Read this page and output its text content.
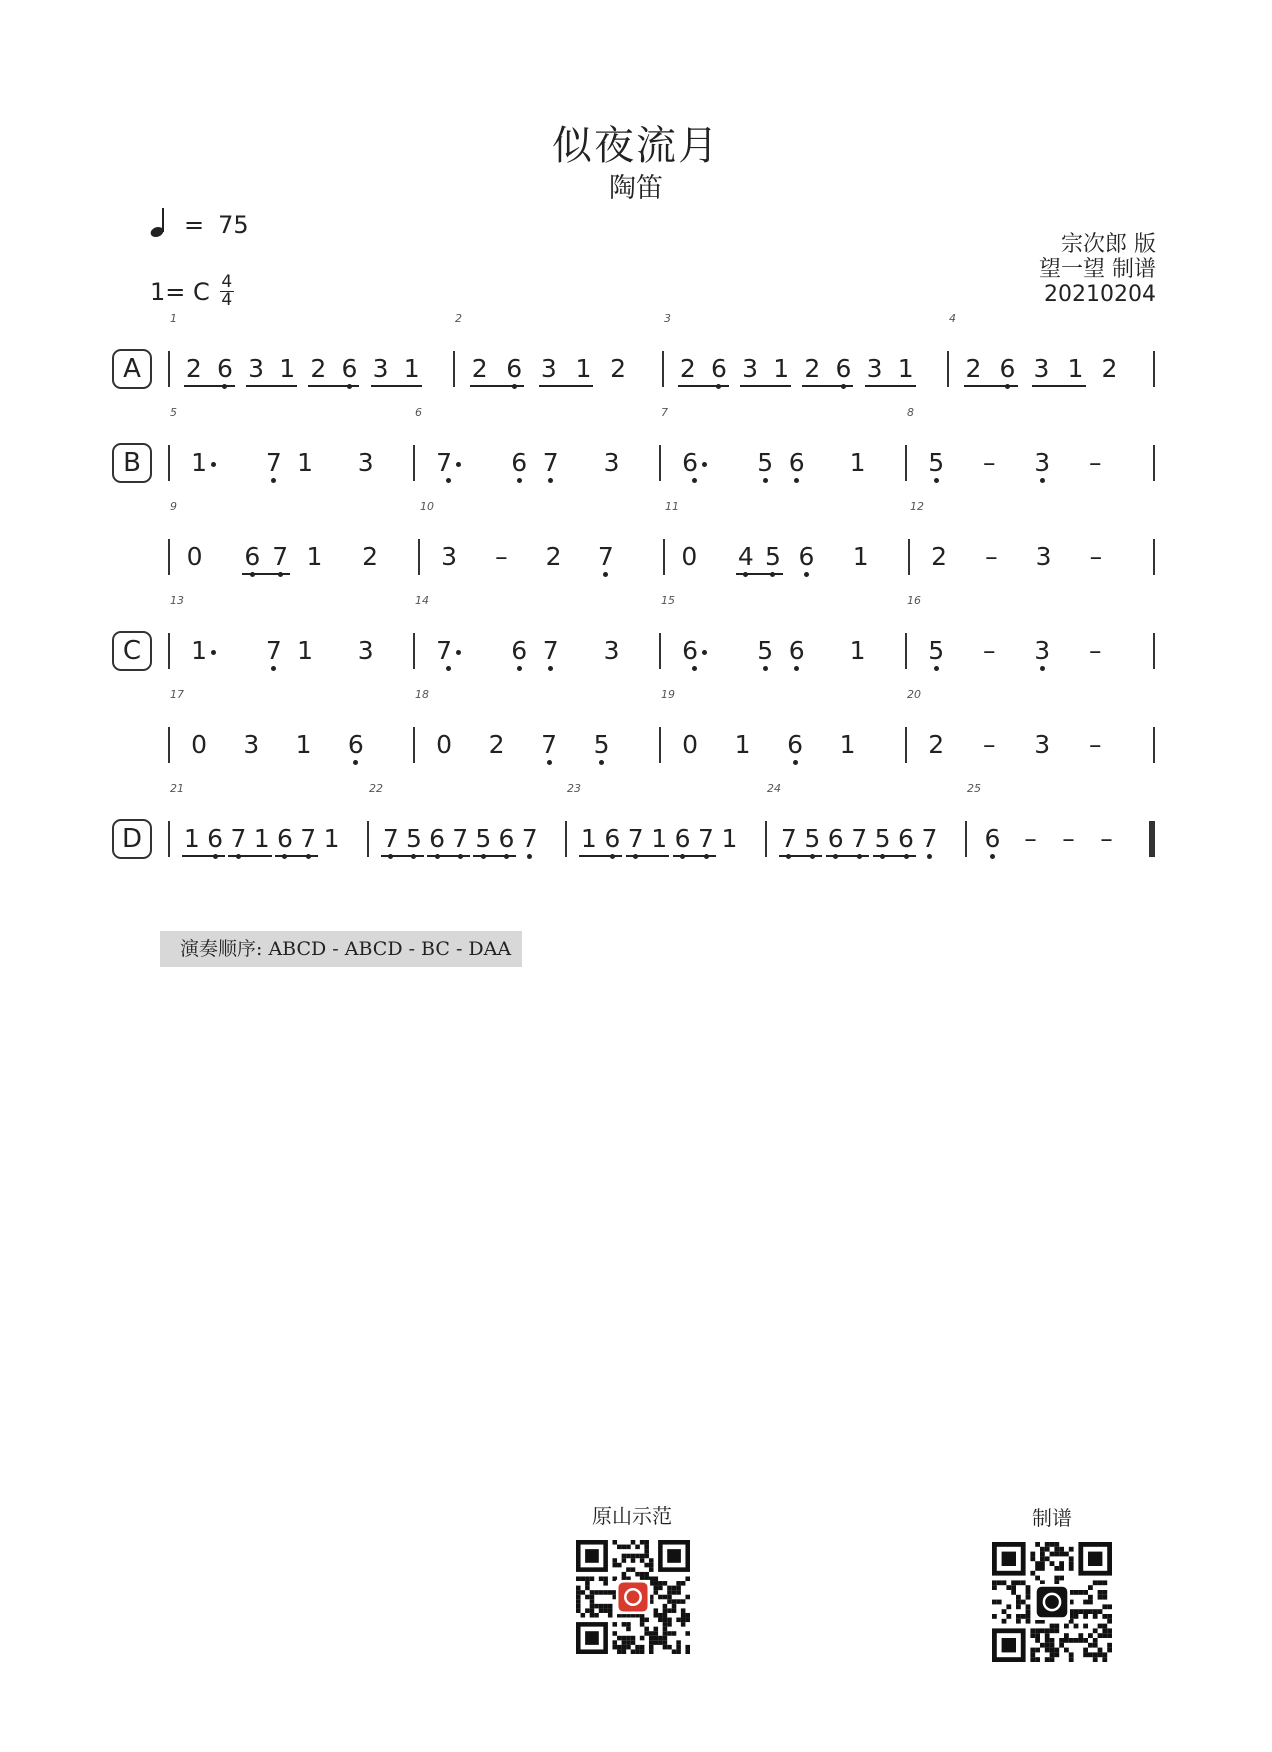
似夜流月
陶笛
= 75
1= C $\frac{4}{4}$
宗次郎 版
望一望 制谱
20210204
A
1
2 6 3 1 2 6 3 1
2
2 6 3 1 2
3
2 6 3 1 2 6 3 1
4
2 6 3 1 2
B
5
1	7 1 3
6
7	6 7 3
7
6	5 6 1
8
5 – 3 –
9
0 6 7 1 2
10
3 – 2 7
11
0 4 5 6 1
12
2 – 3 –
C
13
1	7 1 3
14
7	6 7 3
15
6	5 6 1
16
5 – 3 –
17
0 3 1 6
18
0 2 7 5
19
0 1 6 1
20
2 – 3 –
D
21
1 6 7 1 6 7 1
22
7 5 6 7 5 6 7
23
1 6 7 1 6 7 1
24
7 5 6 7 5 6 7
25
6 – – –
演奏顺序: ABCD - ABCD - BC - DAA
原山示范	制谱
